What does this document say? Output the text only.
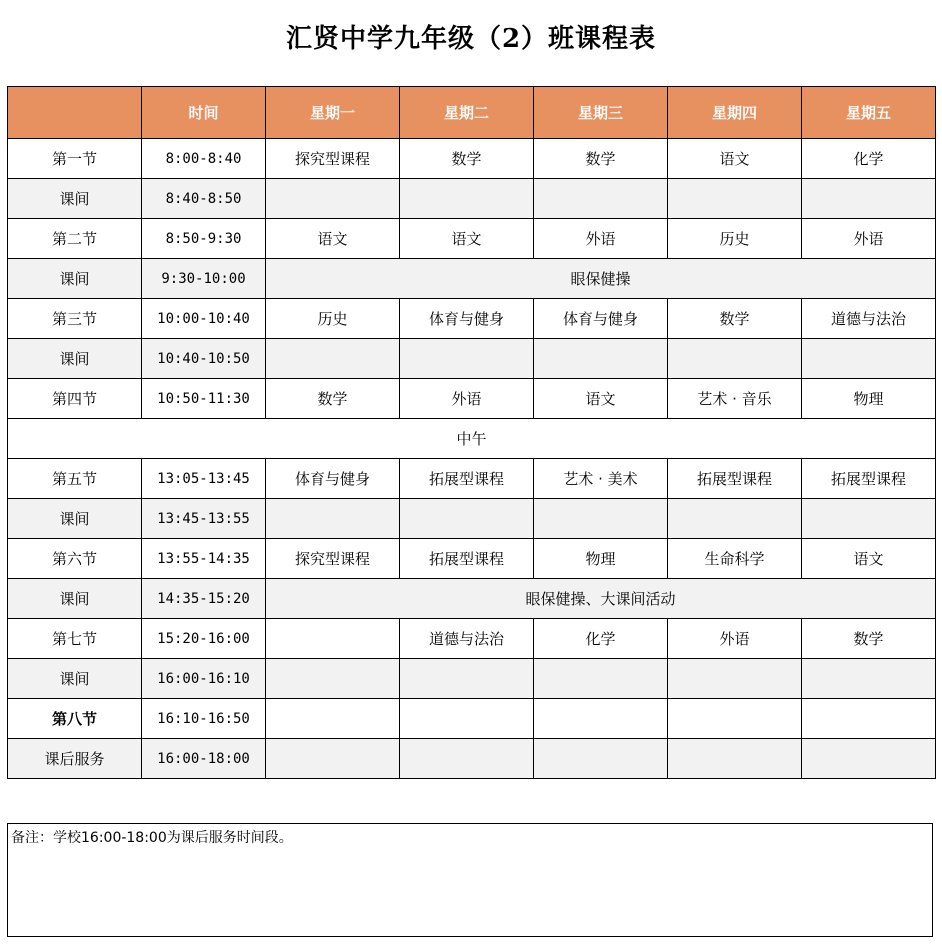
汇贤中学九年级（2）班课程表
	时间	星期一	星期二	星期三	星期四	星期五
第一节	8:00-8:40	探究型课程	数学	数学	语文	化学
课间	8:40-8:50					
第二节	8:50-9:30	语文	语文	外语	历史	外语
课间	9:30-10:00	眼保健操				
第三节	10:00-10:40	历史	体育与健身	体育与健身	数学	道德与法治
课间	10:40-10:50					
第四节	10:50-11:30	数学	外语	语文	艺术 · 音乐	物理
中午						
第五节	13:05-13:45	体育与健身	拓展型课程	艺术 · 美术	拓展型课程	拓展型课程
课间	13:45-13:55					
第六节	13:55-14:35	探究型课程	拓展型课程	物理	生命科学	语文
课间	14:35-15:20	眼保健操、大课间活动				
第七节	15:20-16:00		道德与法治	化学	外语	数学
课间	16:00-16:10					
第八节	16:10-16:50					
课后服务	16:00-18:00					
备注：学校16:00-18:00为课后服务时间段。
